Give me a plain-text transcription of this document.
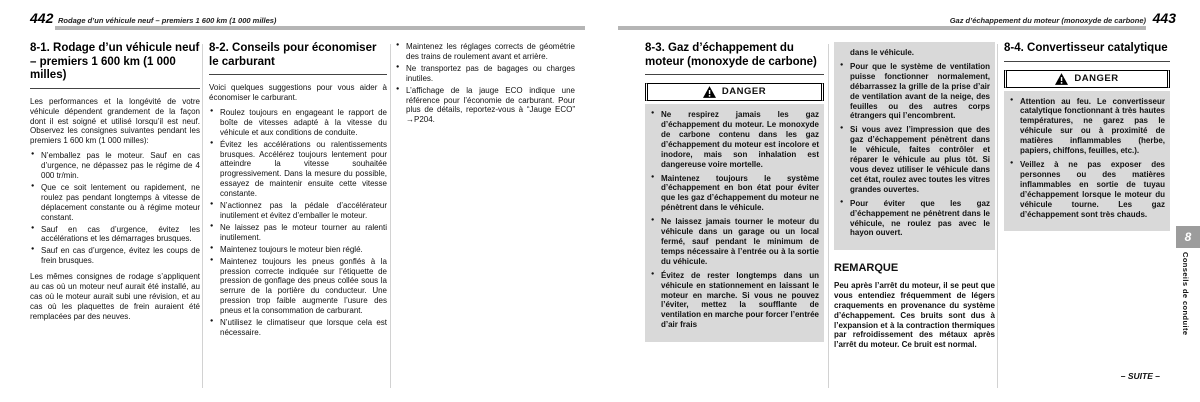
442 Rodage d’un véhicule neuf – premiers 1 600 km (1 000 milles)	Gaz d’échappement du moteur (monoxyde de carbone) 443
8-1. Rodage d’un véhicule neuf – premiers 1 600 km (1 000 milles)

Les performances et la longévité de votre véhicule dépendent grandement de la façon dont il est soigné et utilisé lorsqu’il est neuf. Observez les consignes suivantes pendant les premiers 1 600 km (1 000 milles):

● N’emballez pas le moteur. Sauf en cas d’urgence, ne dépassez pas le régime de 4 000 tr/min.
● Que ce soit lentement ou rapidement, ne roulez pas pendant longtemps à vitesse de déplacement constante ou à régime moteur constant.
● Sauf en cas d’urgence, évitez les accélérations et les démarrages brusques.
● Sauf en cas d’urgence, évitez les coups de frein brusques.

Les mêmes consignes de rodage s’appliquent au cas où un moteur neuf aurait été installé, au cas où le moteur aurait subi une révision, et au cas où les plaquettes de frein auraient été remplacées par des neuves.

8-2. Conseils pour économiser le carburant

Voici quelques suggestions pour vous aider à économiser le carburant.

● Roulez toujours en engageant le rapport de boîte de vitesses adapté à la vitesse du véhicule et aux conditions de conduite.
● Évitez les accélérations ou ralentissements brusques. Accélérez toujours lentement pour atteindre la vitesse souhaitée progressivement. Dans la mesure du possible, essayez de maintenir ensuite cette vitesse constante.
● N’actionnez pas la pédale d’accélérateur inutilement et évitez d’emballer le moteur.
● Ne laissez pas le moteur tourner au ralenti inutilement.
● Maintenez toujours le moteur bien réglé.
● Maintenez toujours les pneus gonflés à la pression correcte indiquée sur l’étiquette de pression de gonflage des pneus collée sous la serrure de la portière du conducteur. Une pression trop faible augmente l’usure des pneus et la consommation de carburant.
● N’utilisez le climatiseur que lorsque cela est nécessaire.
● Maintenez les réglages corrects de géométrie des trains de roulement avant et arrière.
● Ne transportez pas de bagages ou charges inutiles.
● L’affichage de la jauge ECO indique une référence pour l’économie de carburant. Pour plus de détails, reportez-vous à “Jauge ECO” →P204.
8-3. Gaz d’échappement du moteur (monoxyde de carbone)
DANGER
● Ne respirez jamais les gaz d’échappement du moteur. Le monoxyde de carbone contenu dans les gaz d’échappement du moteur est incolore et inodore, mais son inhalation est dangereuse voire mortelle.
● Maintenez toujours le système d’échappement en bon état pour éviter que les gaz d’échappement du moteur ne pénètrent dans le véhicule.
● Ne laissez jamais tourner le moteur du véhicule dans un garage ou un local fermé, sauf pendant le minimum de temps nécessaire à l’entrée ou à la sortie du véhicule.
● Évitez de rester longtemps dans un véhicule en stationnement en laissant le moteur en marche. Si vous ne pouvez l’éviter, mettez la soufflante de ventilation en marche pour forcer l’entrée d’air frais
dans le véhicule.
● Pour que le système de ventilation puisse fonctionner normalement, débarrassez la grille de la prise d’air de ventilation avant de la neige, des feuilles ou des autres corps étrangers qui l’encombrent.
● Si vous avez l’impression que des gaz d’échappement pénètrent dans le véhicule, faites contrôler et réparer le véhicule au plus tôt. Si vous devez utiliser le véhicule dans cet état, roulez avec toutes les vitres grandes ouvertes.
● Pour éviter que les gaz d’échappement ne pénètrent dans le véhicule, ne roulez pas avec le hayon ouvert.
REMARQUE

Peu après l’arrêt du moteur, il se peut que vous entendiez fréquemment de légers craquements en provenance du système d’échappement. Ces bruits sont dus à l’expansion et à la contraction thermiques par refroidissement des métaux après l’arrêt du moteur. Ce bruit est normal.

8-4. Convertisseur catalytique
DANGER
● Attention au feu. Le convertisseur catalytique fonctionnant à très hautes températures, ne garez pas le véhicule sur ou à proximité de matières inflammables (herbe, papiers, chiffons, feuilles, etc.).
● Veillez à ne pas exposer des personnes ou des matières inflammables en sortie de tuyau d’échappement lorsque le moteur du véhicule tourne. Les gaz d’échappement sont très chauds.
8
Conseils de conduite
– SUITE –
